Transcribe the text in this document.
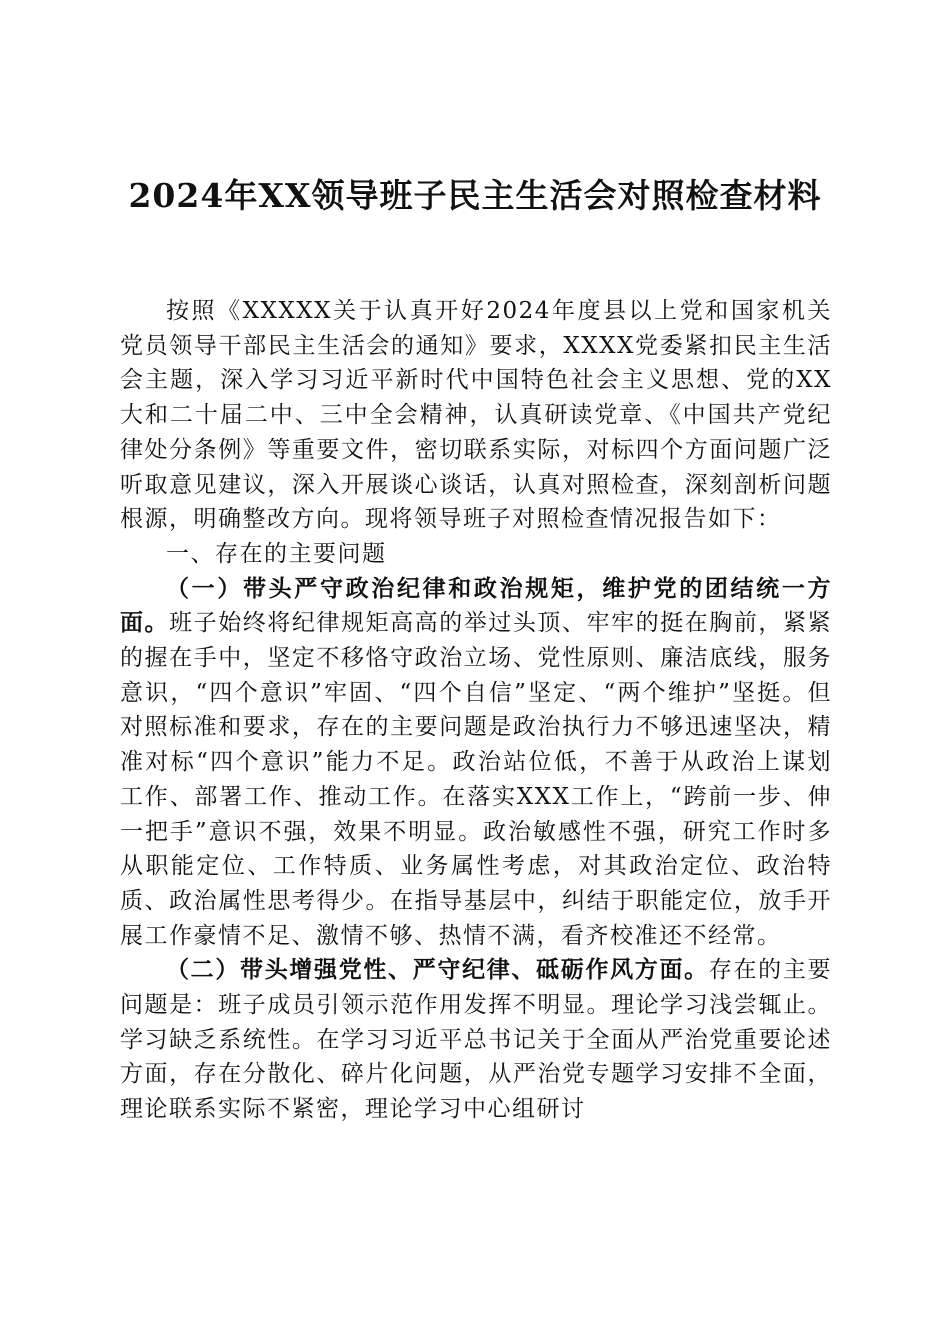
2024年XX领导班子民主生活会对照检查材料

按照《XXXXX关于认真开好2024年度县以上党和国家机关党员领导干部民主生活会的通知》要求，XXXX党委紧扣民主生活会主题，深入学习习近平新时代中国特色社会主义思想、党的XX大和二十届二中、三中全会精神，认真研读党章、《中国共产党纪律处分条例》等重要文件，密切联系实际，对标四个方面问题广泛听取意见建议，深入开展谈心谈话，认真对照检查，深刻剖析问题根源，明确整改方向。现将领导班子对照检查情况报告如下：

一、存在的主要问题

（一）带头严守政治纪律和政治规矩，维护党的团结统一方面。班子始终将纪律规矩高高的举过头顶、牢牢的挺在胸前，紧紧的握在手中，坚定不移恪守政治立场、党性原则、廉洁底线，服务意识，“四个意识”牢固、“四个自信”坚定、“两个维护”坚挺。但对照标准和要求，存在的主要问题是政治执行力不够迅速坚决，精准对标“四个意识”能力不足。政治站位低，不善于从政治上谋划工作、部署工作、推动工作。在落实XXX工作上，“跨前一步、伸一把手”意识不强，效果不明显。政治敏感性不强，研究工作时多从职能定位、工作特质、业务属性考虑，对其政治定位、政治特质、政治属性思考得少。在指导基层中，纠结于职能定位，放手开展工作豪情不足、激情不够、热情不满，看齐校准还不经常。

（二）带头增强党性、严守纪律、砥砺作风方面。存在的主要问题是：班子成员引领示范作用发挥不明显。理论学习浅尝辄止。学习缺乏系统性。在学习习近平总书记关于全面从严治党重要论述方面，存在分散化、碎片化问题，从严治党专题学习安排不全面，理论联系实际不紧密，理论学习中心组研讨
